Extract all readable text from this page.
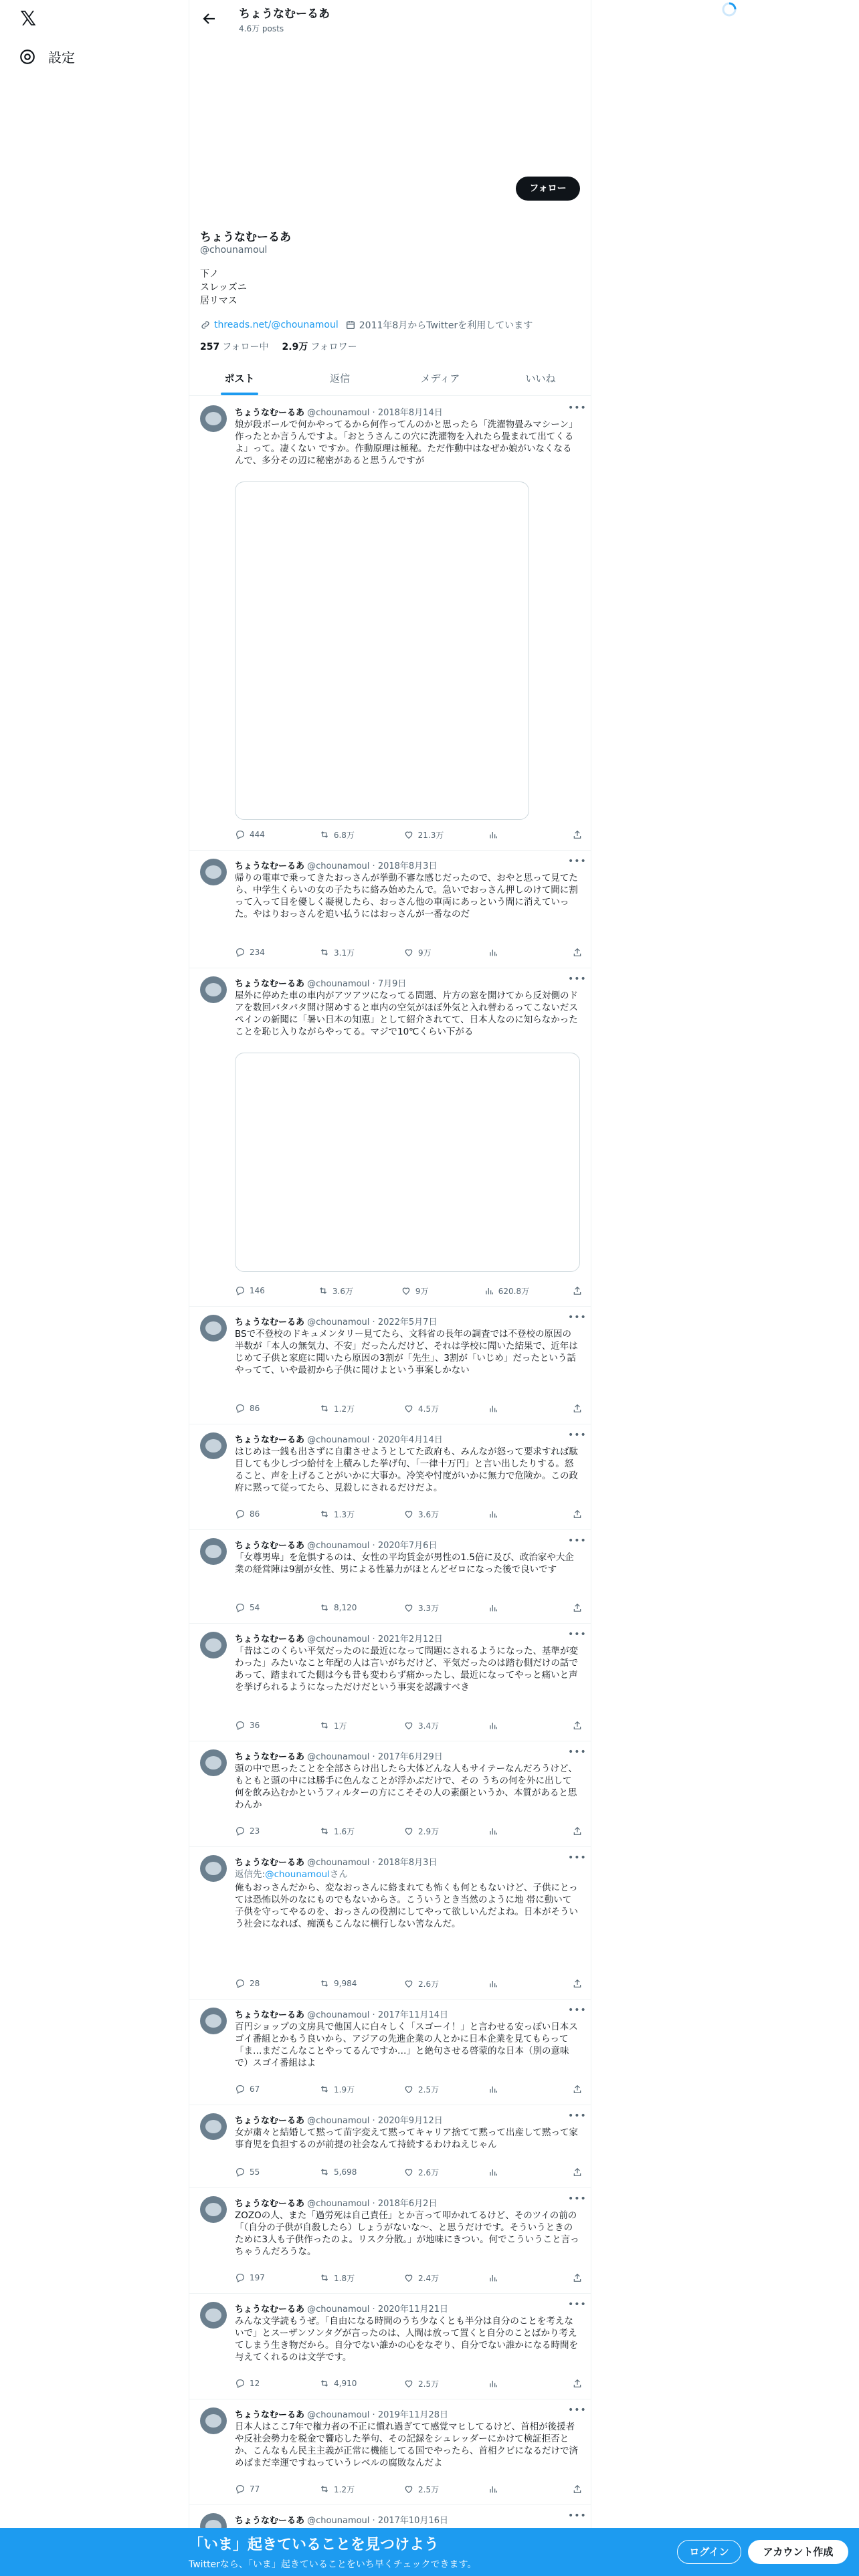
𝕏
設定
ちょうなむーるあ
4.6万 posts
フォロー
ちょうなむーるあ
@chounamoul
下ノ
スレッズニ
居リマス
threads.net/@chounamoul 2011年8月からTwitterを利用しています
257 フォロー中 2.9万 フォロワー
ポスト	返信	メディア	いいね
ちょうなむーるあ @chounamoul · 2018年8月14日	•••
娘が段ボールで何かやってるから何作ってんのかと思ったら「洗濯物畳みマシーン」作ったとか言うんですよ。「おとうさんこの穴に洗濯物を入れたら畳まれて出てくるよ」って。凄くない ですか。作動原理は極秘。ただ作動中はなぜか娘がいなくなるんで、多分その辺に秘密があると思うんですが
444	6.8万	21.3万
ちょうなむーるあ @chounamoul · 2018年8月3日	•••
帰りの電車で乗ってきたおっさんが挙動不審な感じだったので、おやと思って見てたら、中学生くらいの女の子たちに絡み始めたんで。急いでおっさん押しのけて間に割って入って目を優しく凝視したら、おっさん他の車両にあっという間に消えていった。やはりおっさんを追い払うにはおっさんが一番なのだ
234	3.1万	9万
ちょうなむーるあ @chounamoul · 7月9日	•••
屋外に停めた車の車内がアツアツになってる問題、片方の窓を開けてから反対側のドアを数回パタパタ開け閉めすると車内の空気がほぼ外気と入れ替わるってこないだスペインの新聞に「暑い日本の知恵」として紹介されてて、日本人なのに知らなかったことを恥じ入りながらやってる。マジで10℃くらい下がる
146	3.6万	9万	620.8万
ちょうなむーるあ @chounamoul · 2022年5月7日	•••
BSで不登校のドキュメンタリー見てたら、文科省の長年の調査では不登校の原因の半数が「本人の無気力、不安」だったんだけど、それは学校に聞いた結果で、近年はじめて子供と家庭に聞いたら原因の3割が「先生」、3割が「いじめ」だったという話やってて、いや最初から子供に聞けよという事案しかない
86	1.2万	4.5万
ちょうなむーるあ @chounamoul · 2020年4月14日	•••
はじめは一銭も出さずに自粛させようとしてた政府も、みんなが怒って要求すれば駄目しても少しづつ給付を上積みした挙げ句、「一律十万円」と言い出したりする。怒ること、声を上げることがいかに大事か。冷笑や忖度がいかに無力で危険か。この政府に黙って従ってたら、見殺しにされるだけだよ。
86	1.3万	3.6万
ちょうなむーるあ @chounamoul · 2020年7月6日	•••
「女尊男卑」を危惧するのは、女性の平均賃金が男性の1.5倍に及び、政治家や大企業の経営陣は9割が女性、男による性暴力がほとんどゼロになった後で良いです
54	8,120	3.3万
ちょうなむーるあ @chounamoul · 2021年2月12日	•••
「昔はこのくらい平気だったのに最近になって問題にされるようになった、基準が変わった」みたいなこと年配の人は言いがちだけど、平気だったのは踏む側だけの話であって、踏まれてた側は今も昔も変わらず痛かったし、最近になってやっと痛いと声を挙げられるようになっただけだという事実を認識すべき
36	1万	3.4万
ちょうなむーるあ @chounamoul · 2017年6月29日	•••
頭の中で思ったことを全部さらけ出したら大体どんな人もサイテーなんだろうけど、もともと頭の中には勝手に色んなことが浮かぶだけで、その うちの何を外に出して何を飲み込むかというフィルターの方にこそその人の素顔というか、本質があると思わんか
23	1.6万	2.9万
ちょうなむーるあ @chounamoul · 2018年8月3日	•••
返信先:@chounamoulさん
俺もおっさんだから、変なおっさんに絡まれても怖くも何ともないけど、子供にとっては恐怖以外のなにものでもないからさ。こういうとき当然のように地 帯に動いて子供を守ってやるのを、おっさんの役割にしてやって欲しいんだよね。日本がそういう社会になれば、痴漢もこんなに横行しない筈なんだ。
28	9,984	2.6万
ちょうなむーるあ @chounamoul · 2017年11月14日	•••
百円ショップの文房具で他国人に白々しく「スゴーイ！」と言わせる安っぽい日本スゴイ番組とかもう良いから、アジアの先進企業の人とかに日本企業を見てもらって「ま…まだこんなことやってるんですか…」と絶句させる啓蒙的な日本（別の意味で）スゴイ番組はよ
67	1.9万	2.5万
ちょうなむーるあ @chounamoul · 2020年9月12日	•••
女が粛々と結婚して黙って苗字変えて黙ってキャリア捨てて黙って出産して黙って家事育児を負担するのが前提の社会なんて持続するわけねえじゃん
55	5,698	2.6万
ちょうなむーるあ @chounamoul · 2018年6月2日	•••
ZOZOの人、また「過労死は自己責任」とか言って叩かれてるけど、そのツイの前の「（自分の子供が自殺したら）しょうがないな〜、と思うだけです。そういうときのために3人も子供作ったのよ。リスク分散。」が地味にきつい。何でこういうこと言っちゃうんだろうな。
197	1.8万	2.4万
ちょうなむーるあ @chounamoul · 2020年11月21日	•••
みんな文学読もうぜ。「自由になる時間のうち少なくとも半分は自分のことを考えないで」とスーザンソンタグが言ったのは、人間は放って置くと自分のことばかり考えてしまう生き物だから。自分でない誰かの心をなぞり、自分でない誰かになる時間を与えてくれるのは文学です。
12	4,910	2.5万
ちょうなむーるあ @chounamoul · 2019年11月28日	•••
日本人はここ7年で権力者の不正に慣れ過ぎてて感覚マヒしてるけど、首相が後援者や反社会勢力を税金で饗応した挙句、その記録をシュレッダーにかけて検証拒否とか、こんなもん民主主義が正常に機能してる国でやったら、首相クビになるだけで済めばまだ幸運ですねっていうレベルの腐敗なんだよ
77	1.2万	2.5万
ちょうなむーるあ @chounamoul · 2017年10月16日	•••
「いま」起きていることを見つけよう
Twitterなら、「いま」起きていることをいち早くチェックできます。
ログイン	アカウント作成
